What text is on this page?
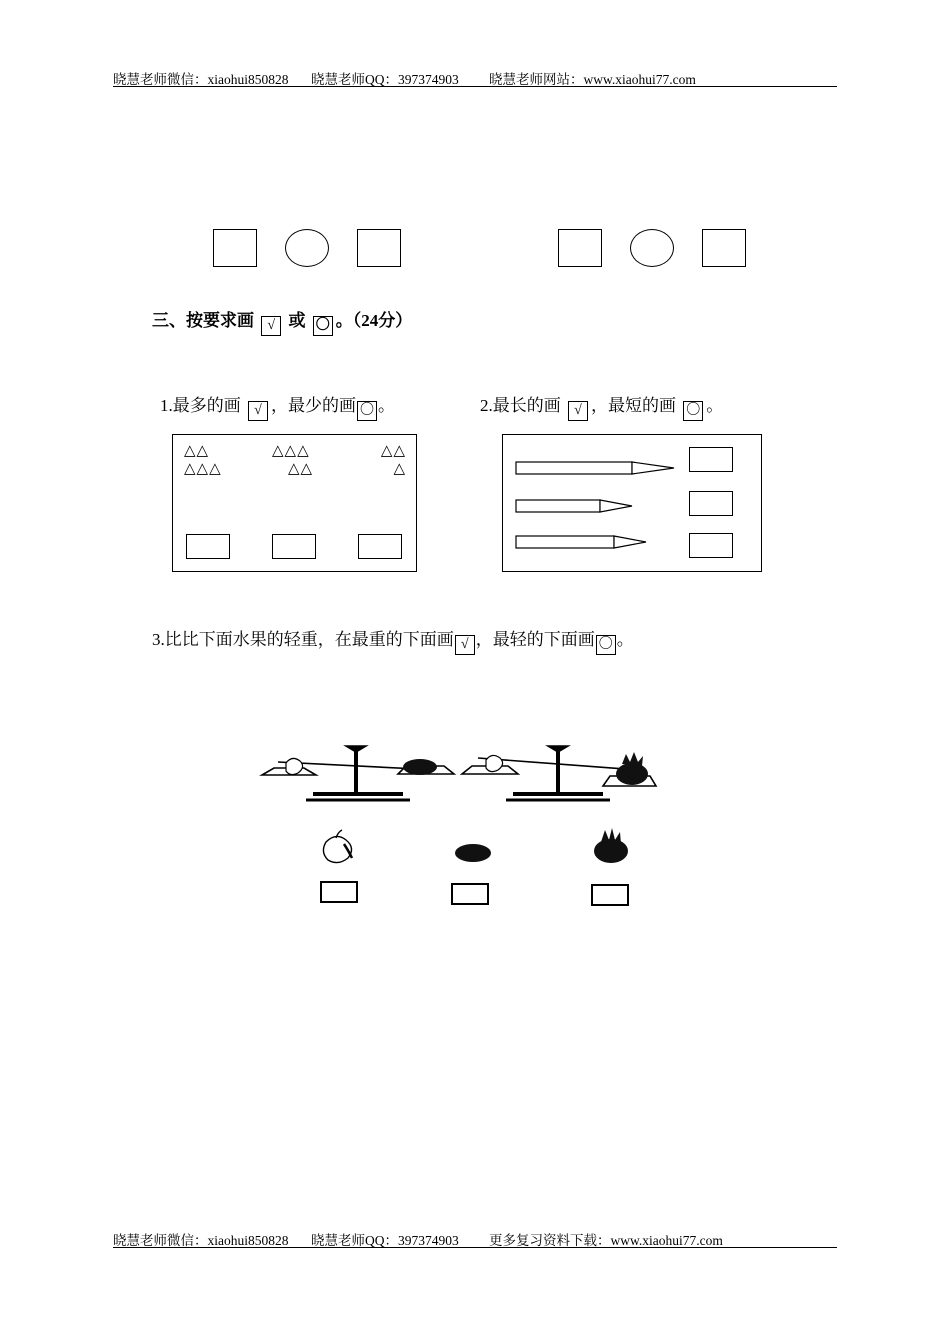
晓慧老师微信：xiaohui850828 晓慧老师QQ：397374903 晓慧老师网站：www.xiaohui77.com
三、按要求画 √ 或 〇 。（24分）
1.最多的画 √ ，最少的画 〇 。
△△
△△△
△△△
△△
△△
△
2.最长的画 √ ，最短的画 〇 。
3.比比下面水果的轻重，在最重的下面画 √ ，最轻的下面画 〇 。
晓慧老师微信：xiaohui850828 晓慧老师QQ：397374903 更多复习资料下载：www.xiaohui77.com
